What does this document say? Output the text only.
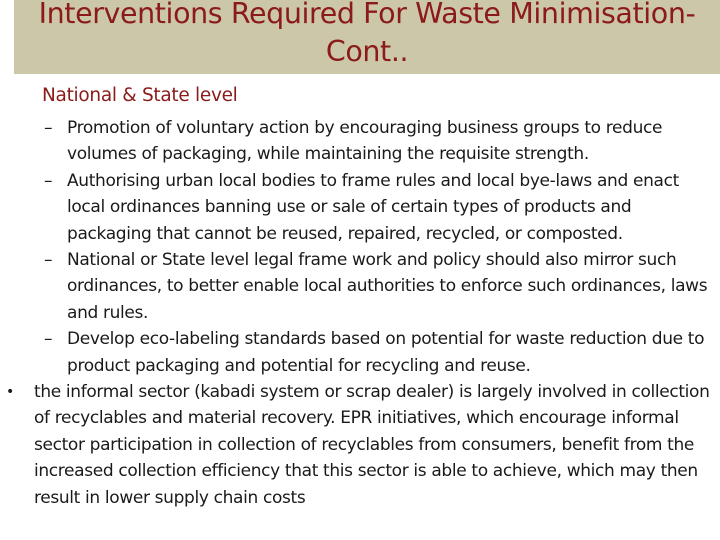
Interventions Required For Waste Minimisation-Cont..
National & State level
– Promotion of voluntary action by encouraging business groups to reduce volumes of packaging, while maintaining the requisite strength.
– Authorising urban local bodies to frame rules and local bye-laws and enact local ordinances banning use or sale of certain types of products and packaging that cannot be reused, repaired, recycled, or composted.
– National or State level legal frame work and policy should also mirror such ordinances, to better enable local authorities to enforce such ordinances, laws and rules.
– Develop eco-labeling standards based on potential for waste reduction due to product packaging and potential for recycling and reuse.
• the informal sector (kabadi system or scrap dealer) is largely involved in collection of recyclables and material recovery. EPR initiatives, which encourage informal sector participation in collection of recyclables from consumers, benefit from the increased collection efficiency that this sector is able to achieve, which may then result in lower supply chain costs
